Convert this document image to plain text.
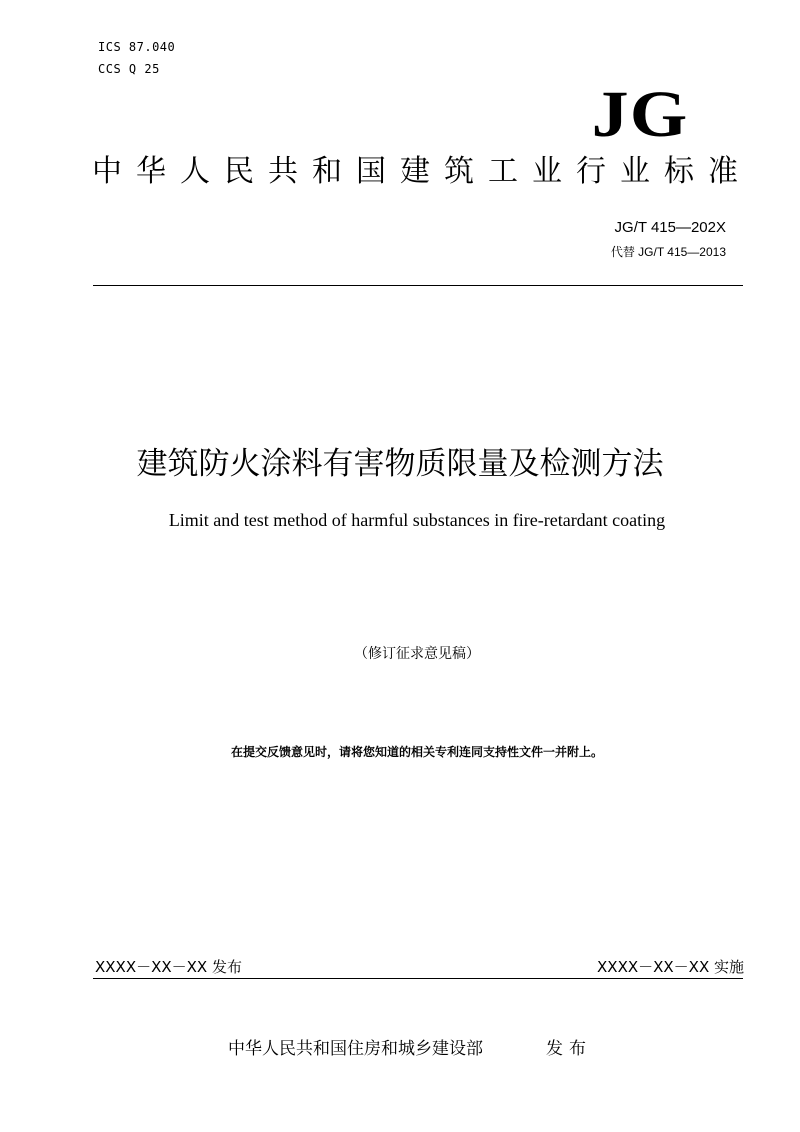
ICS 87.040
CCS Q 25
JG
中 华 人 民 共 和 国 建 筑 工 业 行 业 标 准
JG/T 415—202X
代替 JG/T 415—2013
建筑防火涂料有害物质限量及检测方法
Limit and test method of harmful substances in fire-retardant coating
（修订征求意见稿）
在提交反馈意见时，请将您知道的相关专利连同支持性文件一并附上。
XXXX－XX－XX 发布	XXXX－XX－XX 实施
中华人民共和国住房和城乡建设部	发布
